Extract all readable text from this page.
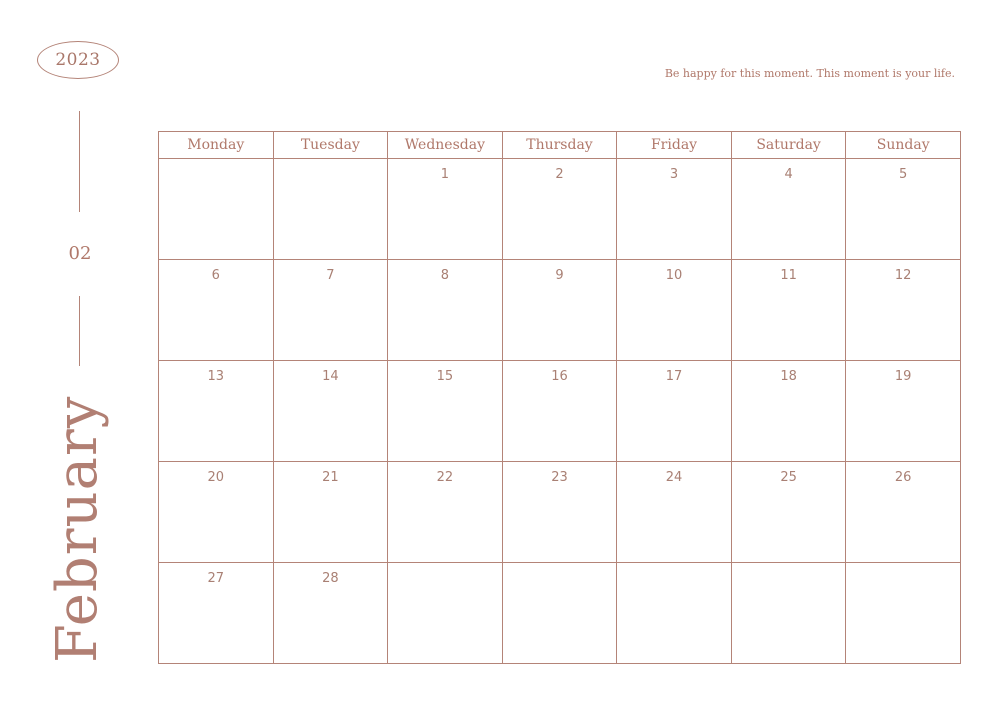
2023
Be happy for this moment. This moment is your life.
02
February
Monday	Tuesday	Wednesday	Thursday	Friday	Saturday	Sunday

		1	2	3	4	5

6	7	8	9	10	11	12

13	14	15	16	17	18	19

20	21	22	23	24	25	26

27	28					
